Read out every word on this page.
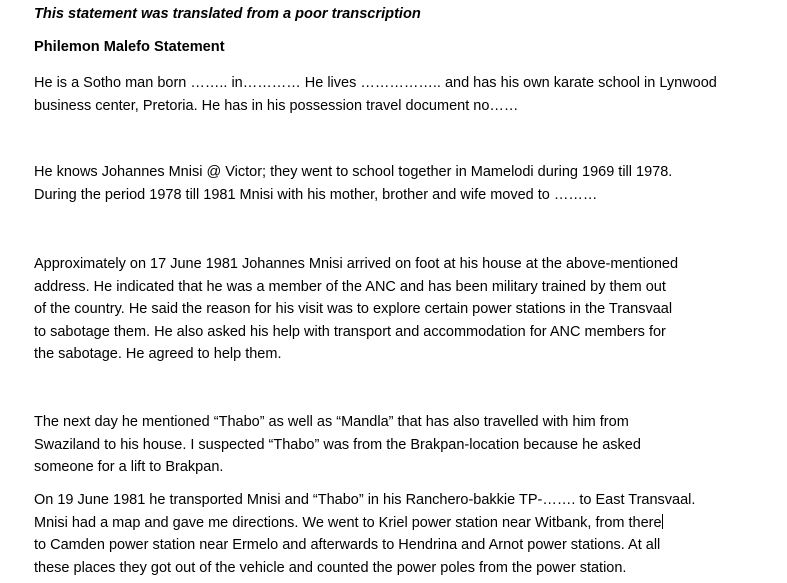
This statement was translated from a poor transcription
Philemon Malefo Statement
He is a Sotho man born …….. in………… He lives …………….. and has his own karate school in Lynwood
business center, Pretoria. He has in his possession travel document no……
He knows Johannes Mnisi @ Victor; they went to school together in Mamelodi during 1969 till 1978.
During the period 1978 till 1981 Mnisi with his mother, brother and wife moved to ………
Approximately on 17 June 1981 Johannes Mnisi arrived on foot at his house at the above-mentioned
address. He indicated that he was a member of the ANC and has been military trained by them out
of the country. He said the reason for his visit was to explore certain power stations in the Transvaal
to sabotage them. He also asked his help with transport and accommodation for ANC members for
the sabotage. He agreed to help them.
The next day he mentioned “Thabo” as well as “Mandla” that has also travelled with him from
Swaziland to his house. I suspected “Thabo” was from the Brakpan-location because he asked
someone for a lift to Brakpan.
On 19 June 1981 he transported Mnisi and “Thabo” in his Ranchero-bakkie TP-……. to East Transvaal.
Mnisi had a map and gave me directions. We went to Kriel power station near Witbank, from there
to Camden power station near Ermelo and afterwards to Hendrina and Arnot power stations. At all
these places they got out of the vehicle and counted the power poles from the power station.
